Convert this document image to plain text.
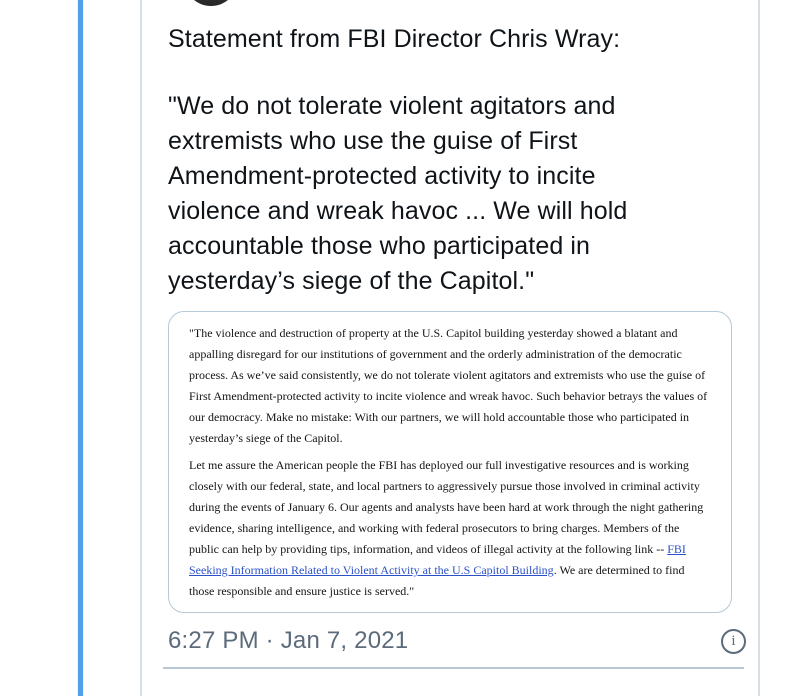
Statement from FBI Director Chris Wray:
"We do not tolerate violent agitators and extremists who use the guise of First Amendment-protected activity to incite violence and wreak havoc ... We will hold accountable those who participated in yesterday’s siege of the Capitol."

"The violence and destruction of property at the U.S. Capitol building yesterday showed a blatant and appalling disregard for our institutions of government and the orderly administration of the democratic process. As we’ve said consistently, we do not tolerate violent agitators and extremists who use the guise of First Amendment-protected activity to incite violence and wreak havoc. Such behavior betrays the values of our democracy. Make no mistake: With our partners, we will hold accountable those who participated in yesterday’s siege of the Capitol.

Let me assure the American people the FBI has deployed our full investigative resources and is working closely with our federal, state, and local partners to aggressively pursue those involved in criminal activity during the events of January 6. Our agents and analysts have been hard at work through the night gathering evidence, sharing intelligence, and working with federal prosecutors to bring charges. Members of the public can help by providing tips, information, and videos of illegal activity at the following link -- FBI Seeking Information Related to Violent Activity at the U.S Capitol Building. We are determined to find those responsible and ensure justice is served."

6:27 PM · Jan 7, 2021	i
